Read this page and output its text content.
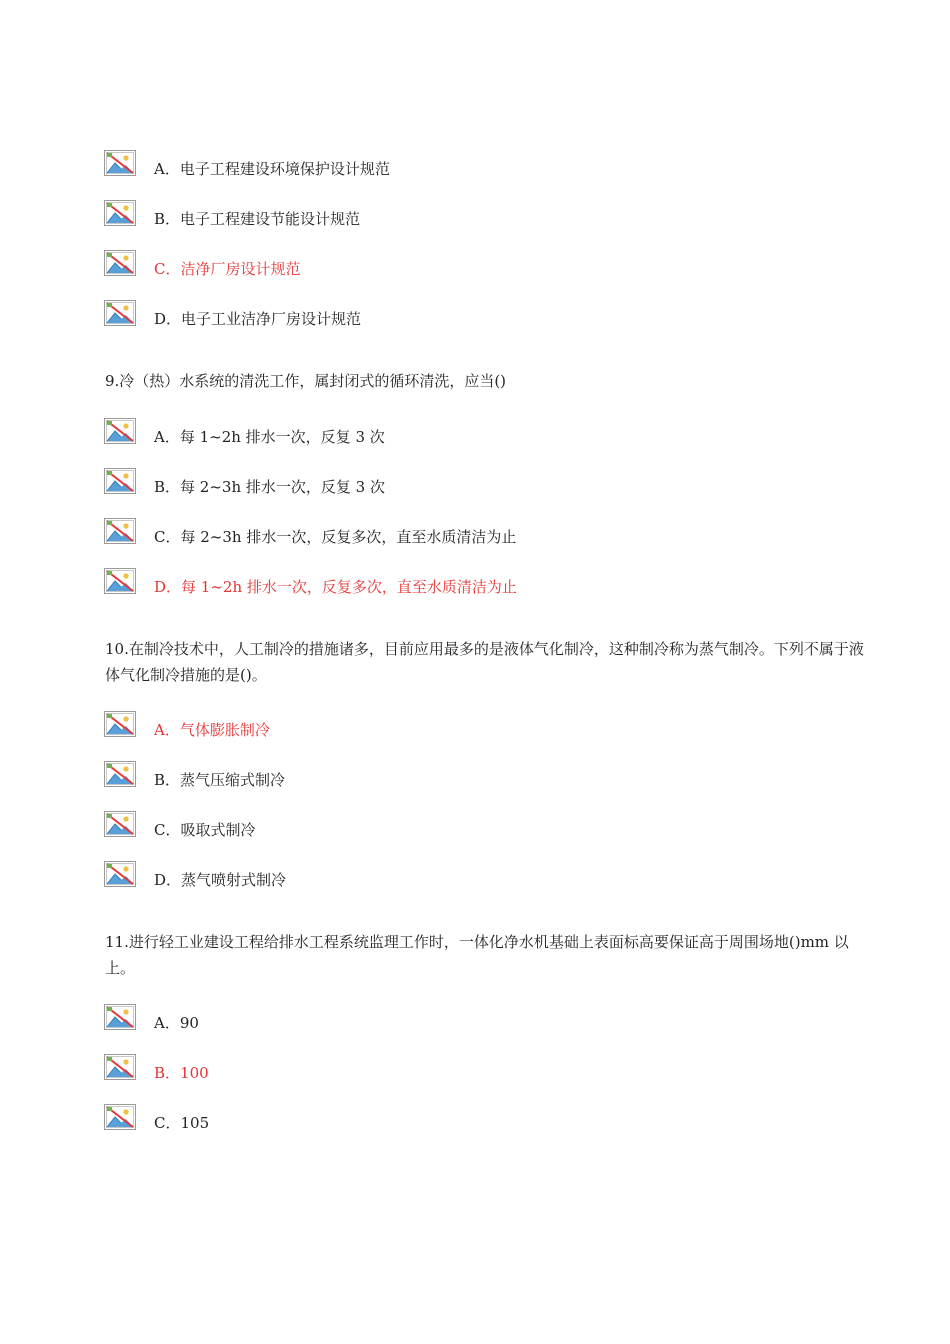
A．电子工程建设环境保护设计规范
B．电子工程建设节能设计规范
C．洁净厂房设计规范
D．电子工业洁净厂房设计规范
9.冷（热）水系统的清洗工作，属封闭式的循环清洗，应当()
A．每 1~2h 排水一次，反复 3 次
B．每 2~3h 排水一次，反复 3 次
C．每 2~3h 排水一次，反复多次，直至水质清洁为止
D．每 1~2h 排水一次，反复多次，直至水质清洁为止
10.在制冷技术中，人工制冷的措施诸多，目前应用最多的是液体气化制冷，这种制冷称为蒸气制冷。下列不属于液体气化制冷措施的是()。
A．气体膨胀制冷
B．蒸气压缩式制冷
C．吸取式制冷
D．蒸气喷射式制冷
11.进行轻工业建设工程给排水工程系统监理工作时，一体化净水机基础上表面标高要保证高于周围场地()mm 以上。
A．90
B．100
C．105
